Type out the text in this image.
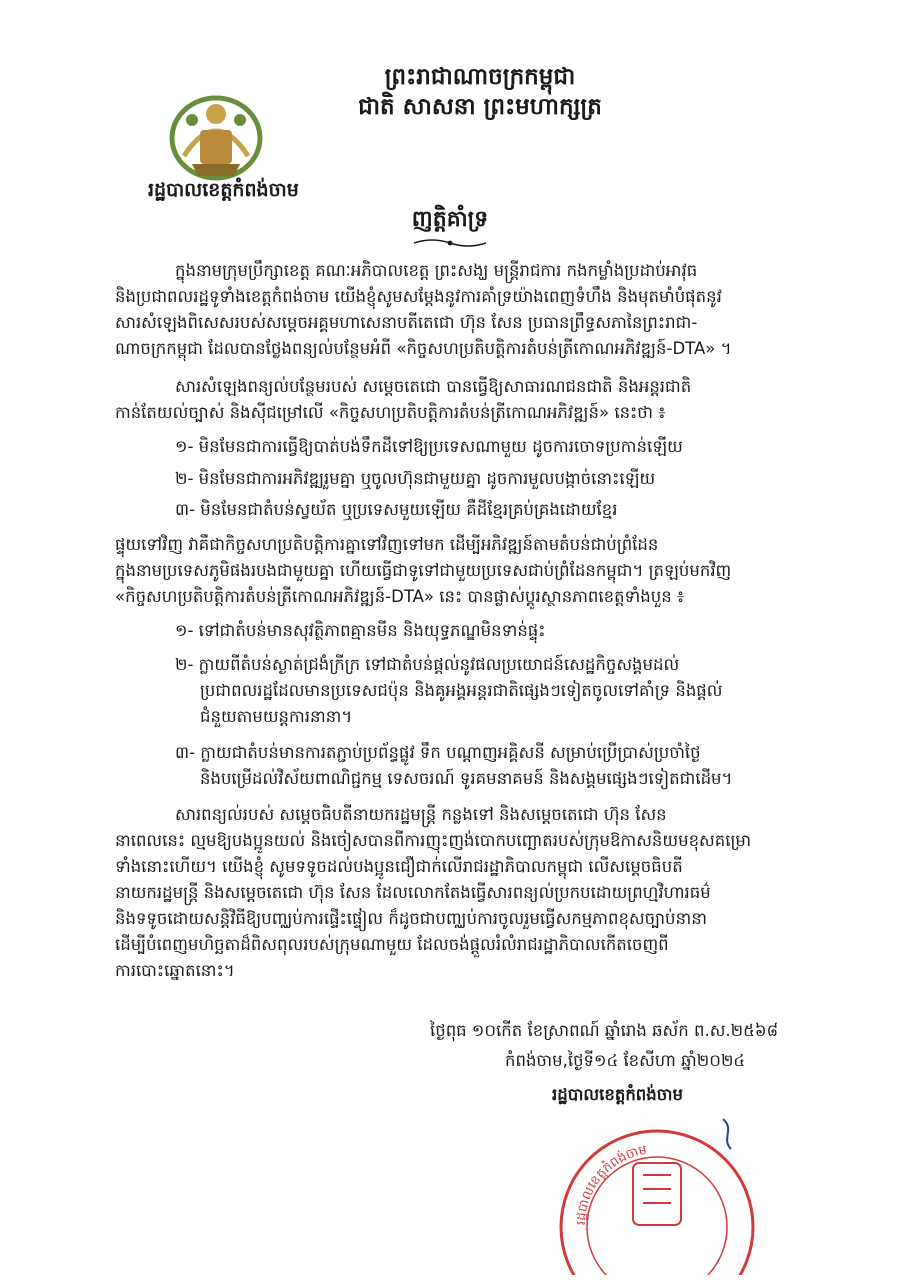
ព្រះរាជាណាចក្រកម្ពុជា
ជាតិ សាសនា ព្រះមហាក្សត្រ
រដ្ឋបាលខេត្តកំពង់ចាម
ញត្តិគាំទ្រ
ក្នុងនាមក្រុមប្រឹក្សាខេត្ត គណៈអភិបាលខេត្ត ព្រះសង្ឃ មន្ត្រីរាជការ កងកម្លាំងប្រដាប់អាវុធ
និងប្រជាពលរដ្ឋទូទាំងខេត្តកំពង់ចាម យើងខ្ញុំសូមសម្តែងនូវការគាំទ្រយ៉ាងពេញទំហឹង និងមុតមាំបំផុតនូវ
សារសំឡេងពិសេសរបស់សម្តេចអគ្គមហាសេនាបតីតេជោ ហ៊ុន សែន ប្រធានព្រឹទ្ធសភានៃព្រះរាជា-
ណាចក្រកម្ពុជា ដែលបានថ្លែងពន្យល់បន្ថែមអំពី «កិច្ចសហប្រតិបត្តិការតំបន់ត្រីកោណអភិវឌ្ឍន៍-DTA» ។
សារសំឡេងពន្យល់បន្ថែមរបស់ សម្តេចតេជោ បានធ្វើឱ្យសាធារណជនជាតិ និងអន្តរជាតិ
កាន់តែយល់ច្បាស់ និងស៊ីជម្រៅលើ «កិច្ចសហប្រតិបត្តិការតំបន់ត្រីកោណអភិវឌ្ឍន៍» នេះថា ៖
១- មិនមែនជាការធ្វើឱ្យបាត់បង់ទឹកដីទៅឱ្យប្រទេសណាមួយ ដូចការចោទប្រកាន់ឡើយ
២- មិនមែនជាការអភិវឌ្ឍរួមគ្នា ឬចូលហ៊ុនជាមួយគ្នា ដូចការមួលបង្កាច់នោះឡើយ
៣- មិនមែនជាតំបន់ស្វយ័ត ឬប្រទេសមួយឡើយ គឺដីខ្មែរគ្រប់គ្រងដោយខ្មែរ
ផ្ទុយទៅវិញ វាគឺជាកិច្ចសហប្រតិបត្តិការគ្នាទៅវិញទៅមក ដើម្បីអភិវឌ្ឍន៍តាមតំបន់ជាប់ព្រំដែន
ក្នុងនាមប្រទេសភូមិផងរបងជាមួយគ្នា ហើយធ្វើជាទូទៅជាមួយប្រទេសជាប់ព្រំដែនកម្ពុជា។ ត្រឡប់មកវិញ
«កិច្ចសហប្រតិបត្តិការតំបន់ត្រីកោណអភិវឌ្ឍន៍-DTA» នេះ បានផ្លាស់ប្តូរស្ថានភាពខេត្តទាំងបួន ៖
១- ទៅជាតំបន់មានសុវត្ថិភាពគ្មានមីន និងយុទ្ធភណ្ឌមិនទាន់ផ្ទុះ
២- ក្លាយពីតំបន់ស្ងាត់ជ្រងំក្រីក្រ ទៅជាតំបន់ផ្តល់នូវផលប្រយោជន៍សេដ្ឋកិច្ចសង្គមដល់
ប្រជាពលរដ្ឋដែលមានប្រទេសជប៉ុន និងគូអង្គអន្តរជាតិផ្សេងៗទៀតចូលទៅគាំទ្រ និងផ្តល់
ជំនួយតាមយន្តការនានា។
៣- ក្លាយជាតំបន់មានការតភ្ជាប់ប្រព័ន្ធផ្លូវ ទឹក បណ្តាញអគ្គិសនី សម្រាប់ប្រើប្រាស់ប្រចាំថ្ងៃ
និងបម្រើដល់វិស័យពាណិជ្ជកម្ម ទេសចរណ៍ ទូរគមនាគមន៍ និងសង្គមផ្សេងៗទៀតជាដើម។
សារពន្យល់របស់ សម្តេចធិបតីនាយករដ្ឋមន្ត្រី កន្លងទៅ និងសម្តេចតេជោ ហ៊ុន សែន
នាពេលនេះ ល្មមឱ្យបងប្អូនយល់ និងចៀសបានពីការញុះញង់បោកបញ្ឆោតរបស់ក្រុមឱកាសនិយមខុសគម្រោ
ទាំងនោះហើយ។ យើងខ្ញុំ សូមទទូចដល់បងប្អូនជឿជាក់លើរាជរដ្ឋាភិបាលកម្ពុជា លើសម្តេចធិបតី
នាយករដ្ឋមន្ត្រី និងសម្តេចតេជោ ហ៊ុន សែន ដែលលោកតែងធ្វើសារពន្យល់ប្រកបដោយព្រហ្មវិហារធម៌
និងទទូចដោយសន្តិវិធីឱ្យបញ្ឈប់ការផ្ទើះផ្ទៀល ក៏ដូចជាបញ្ឈប់ការចូលរួមធ្វើសកម្មភាពខុសច្បាប់នានា
ដើម្បីបំពេញមហិច្ឆតាដ៏ពិសពុលរបស់ក្រុមណាមួយ ដែលចង់ផ្តួលរំលំរាជរដ្ឋាភិបាលកើតចេញពី
ការបោះឆ្នោតនោះ។
ថ្ងៃពុធ ១០កើត ខែស្រាពណ៍ ឆ្នាំរោង ឆស័ក ព.ស.២៥៦៨
កំពង់ចាម,ថ្ងៃទី១៤ ខែសីហា ឆ្នាំ២០២៤
រដ្ឋបាលខេត្តកំពង់ចាម
រដ្ឋបាលខេត្តកំពង់ចាម
